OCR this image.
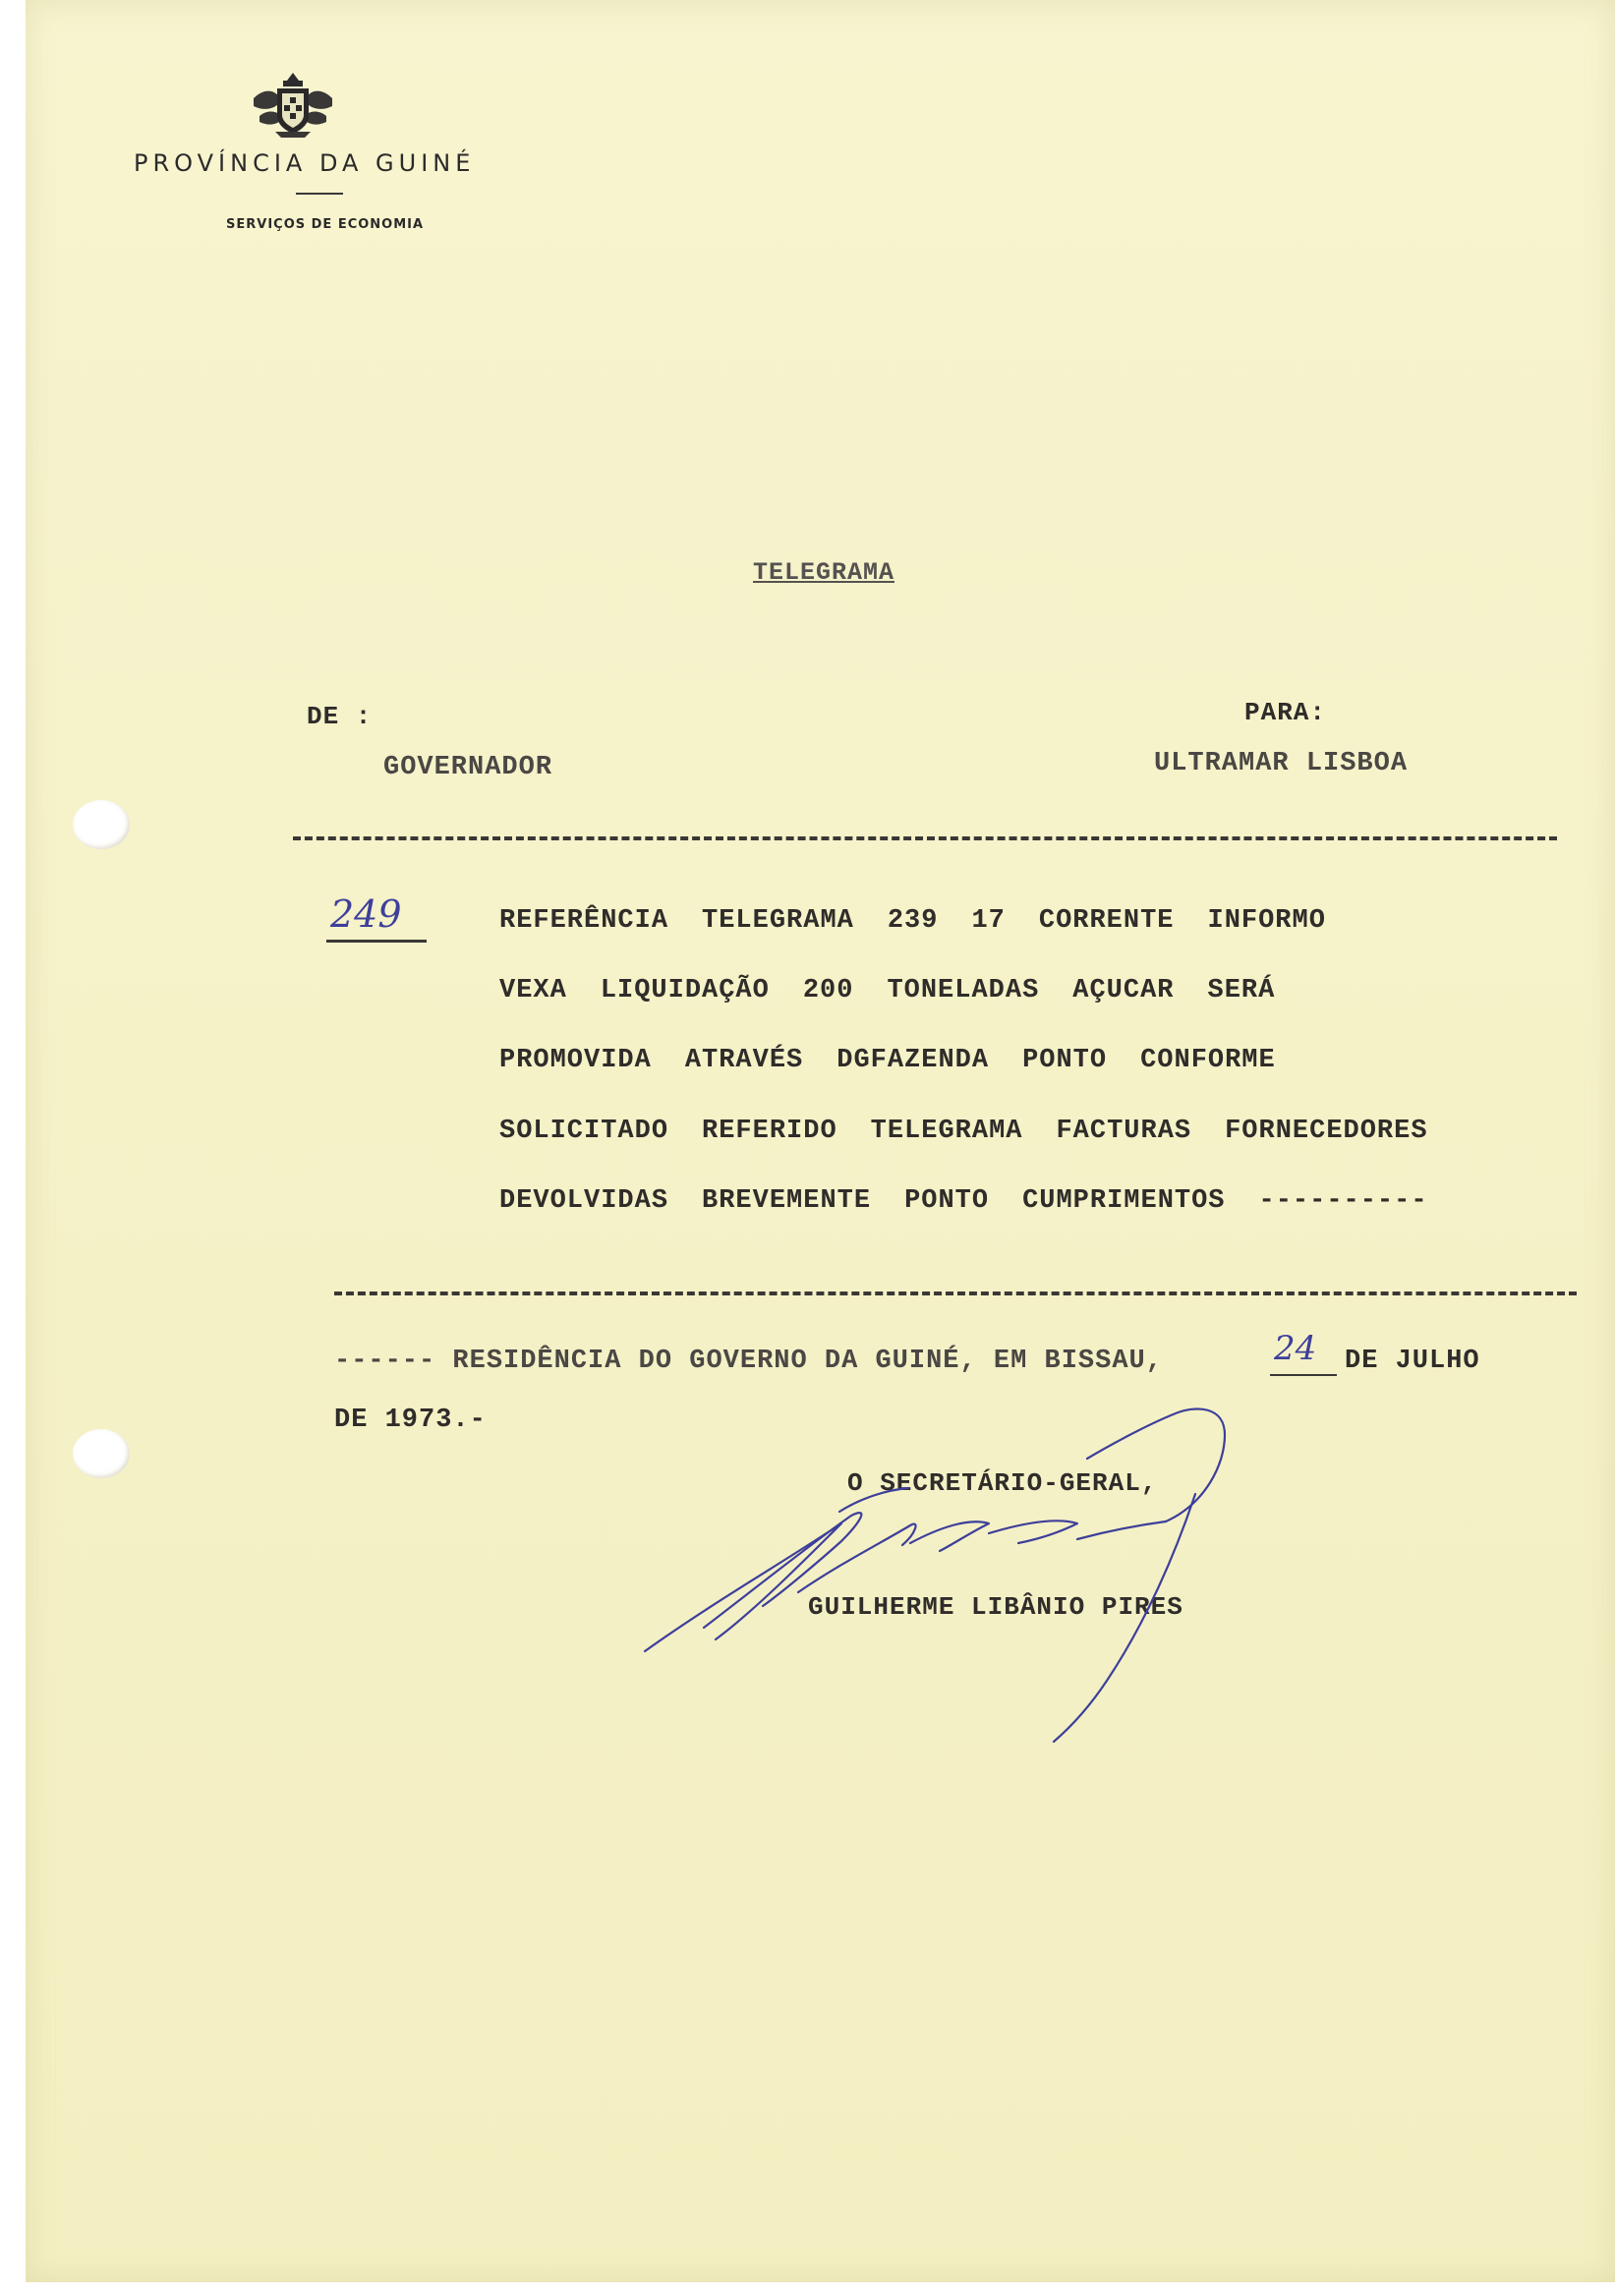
PROVÍNCIA DA GUINÉ
SERVIÇOS DE ECONOMIA
TELEGRAMA
DE :	PARA:
GOVERNADOR	ULTRAMAR LISBOA
249	REFERÊNCIA TELEGRAMA 239 17 CORRENTE INFORMO
VEXA LIQUIDAÇÃO 200 TONELADAS AÇUCAR SERÁ
PROMOVIDA ATRAVÉS DGFAZENDA PONTO CONFORME
SOLICITADO REFERIDO TELEGRAMA FACTURAS FORNECEDORES
DEVOLVIDAS BREVEMENTE PONTO CUMPRIMENTOS ----------
------ RESIDÊNCIA DO GOVERNO DA GUINÉ, EM BISSAU,	24 DE JULHO
DE 1973.-
O SECRETÁRIO-GERAL,
GUILHERME LIBÂNIO PIRES
